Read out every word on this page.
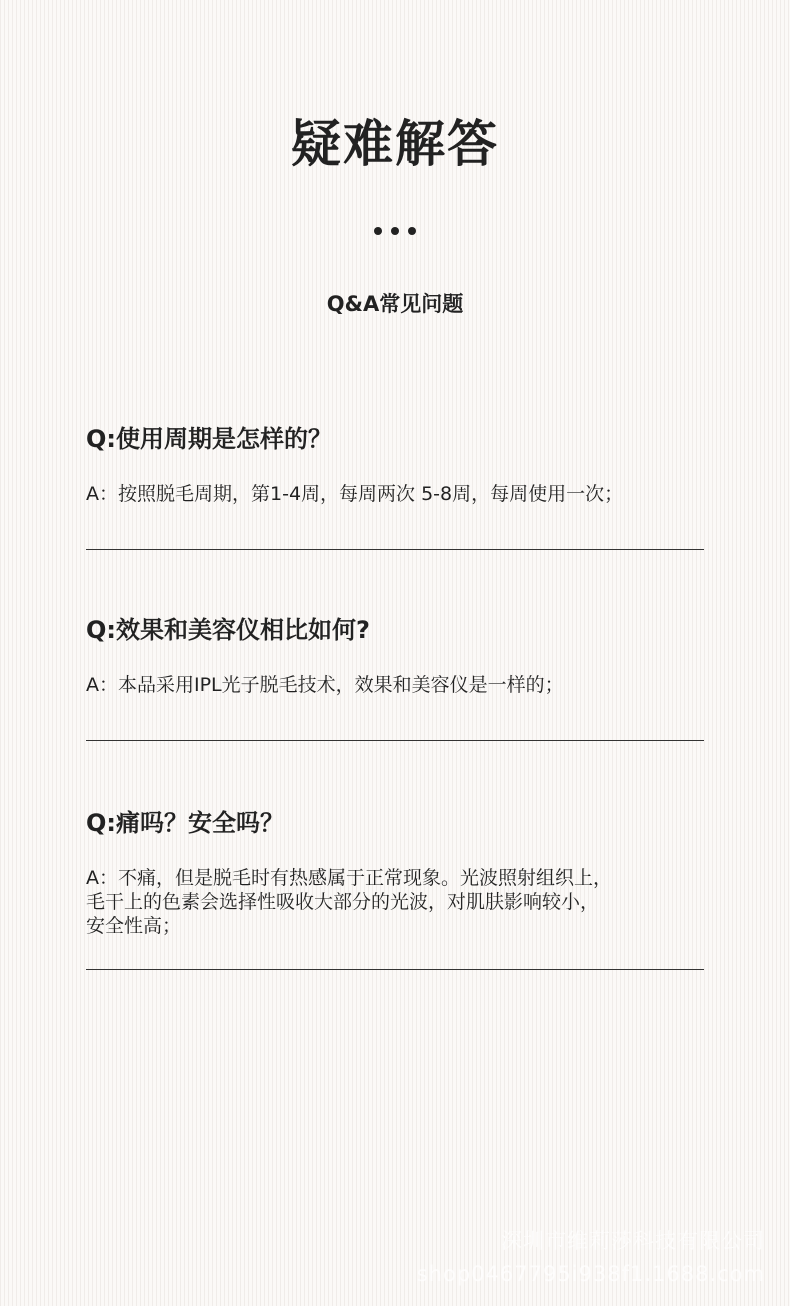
疑难解答
Q&A常见问题

Q:使用周期是怎样的？

A：按照脱毛周期，第1-4周，每周两次 5-8周，每周使用一次；

Q:效果和美容仪相比如何?

A：本品采用IPL光子脱毛技术，效果和美容仪是一样的；

Q:痛吗？安全吗？

A：不痛，但是脱毛时有热感属于正常现象。光波照射组织上，
毛干上的色素会选择性吸收大部分的光波，对肌肤影响较小，
安全性高；
深圳市维莉莎科技有限公司
shop0467795i938f1.1688.com
